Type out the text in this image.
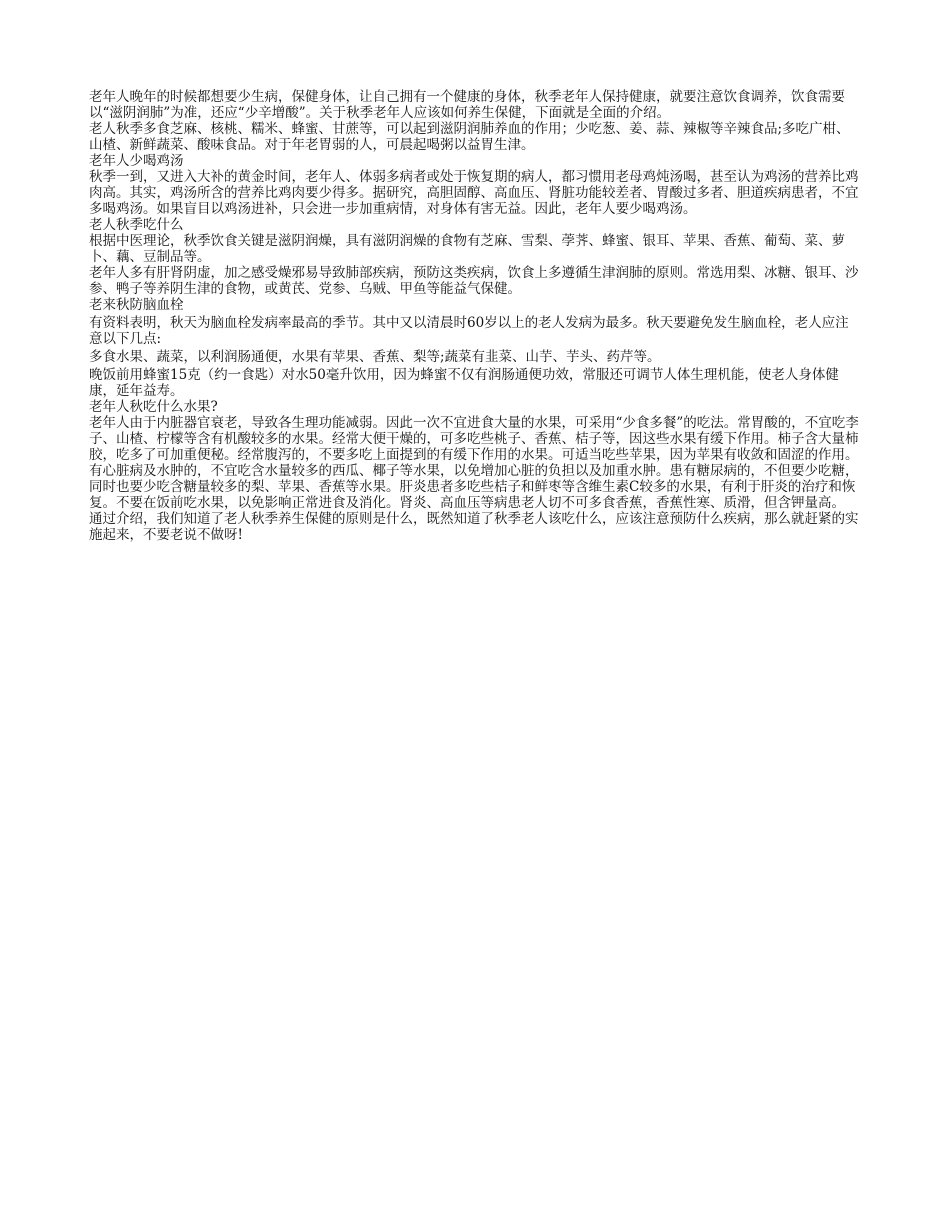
老年人晚年的时候都想要少生病，保健身体，让自己拥有一个健康的身体，秋季老年人保持健康，就要注意饮食调养，饮食需要以“滋阴润肺”为准，还应“少辛增酸”。关于秋季老年人应该如何养生保健，下面就是全面的介绍。

老人秋季多食芝麻、核桃、糯米、蜂蜜、甘蔗等，可以起到滋阴润肺养血的作用；少吃葱、姜、蒜、辣椒等辛辣食品;多吃广柑、山楂、新鲜蔬菜、酸味食品。对于年老胃弱的人，可晨起喝粥以益胃生津。

老年人少喝鸡汤

秋季一到，又进入大补的黄金时间，老年人、体弱多病者或处于恢复期的病人，都习惯用老母鸡炖汤喝，甚至认为鸡汤的营养比鸡肉高。其实，鸡汤所含的营养比鸡肉要少得多。据研究，高胆固醇、高血压、肾脏功能较差者、胃酸过多者、胆道疾病患者，不宜多喝鸡汤。如果盲目以鸡汤进补，只会进一步加重病情，对身体有害无益。因此，老年人要少喝鸡汤。

老人秋季吃什么

根据中医理论，秋季饮食关键是滋阴润燥，具有滋阴润燥的食物有芝麻、雪梨、荸荠、蜂蜜、银耳、苹果、香蕉、葡萄、菜、萝卜、藕、豆制品等。

老年人多有肝肾阴虚，加之感受燥邪易导致肺部疾病，预防这类疾病，饮食上多遵循生津润肺的原则。常选用梨、冰糖、银耳、沙参、鸭子等养阴生津的食物，或黄芪、党参、乌贼、甲鱼等能益气保健。

老来秋防脑血栓

有资料表明，秋天为脑血栓发病率最高的季节。其中又以清晨时60岁以上的老人发病为最多。秋天要避免发生脑血栓，老人应注意以下几点:

多食水果、蔬菜，以利润肠通便，水果有苹果、香蕉、梨等;蔬菜有韭菜、山芋、芋头、药芹等。

晚饭前用蜂蜜15克（约一食匙）对水50毫升饮用，因为蜂蜜不仅有润肠通便功效，常服还可调节人体生理机能，使老人身体健康，延年益寿。

老年人秋吃什么水果?

老年人由于内脏器官衰老，导致各生理功能减弱。因此一次不宜进食大量的水果，可采用“少食多餐”的吃法。常胃酸的，不宜吃李子、山楂、柠檬等含有机酸较多的水果。经常大便干燥的，可多吃些桃子、香蕉、桔子等，因这些水果有缓下作用。柿子含大量柿胶，吃多了可加重便秘。经常腹泻的，不要多吃上面提到的有缓下作用的水果。可适当吃些苹果，因为苹果有收敛和固涩的作用。有心脏病及水肿的，不宜吃含水量较多的西瓜、椰子等水果，以免增加心脏的负担以及加重水肿。患有糖尿病的，不但要少吃糖，同时也要少吃含糖量较多的梨、苹果、香蕉等水果。肝炎患者多吃些桔子和鲜枣等含维生素C较多的水果，有利于肝炎的治疗和恢复。不要在饭前吃水果，以免影响正常进食及消化。肾炎、高血压等病患老人切不可多食香蕉，香蕉性寒、质滑，但含钾量高。

通过介绍，我们知道了老人秋季养生保健的原则是什么，既然知道了秋季老人该吃什么，应该注意预防什么疾病，那么就赶紧的实施起来，不要老说不做呀!
